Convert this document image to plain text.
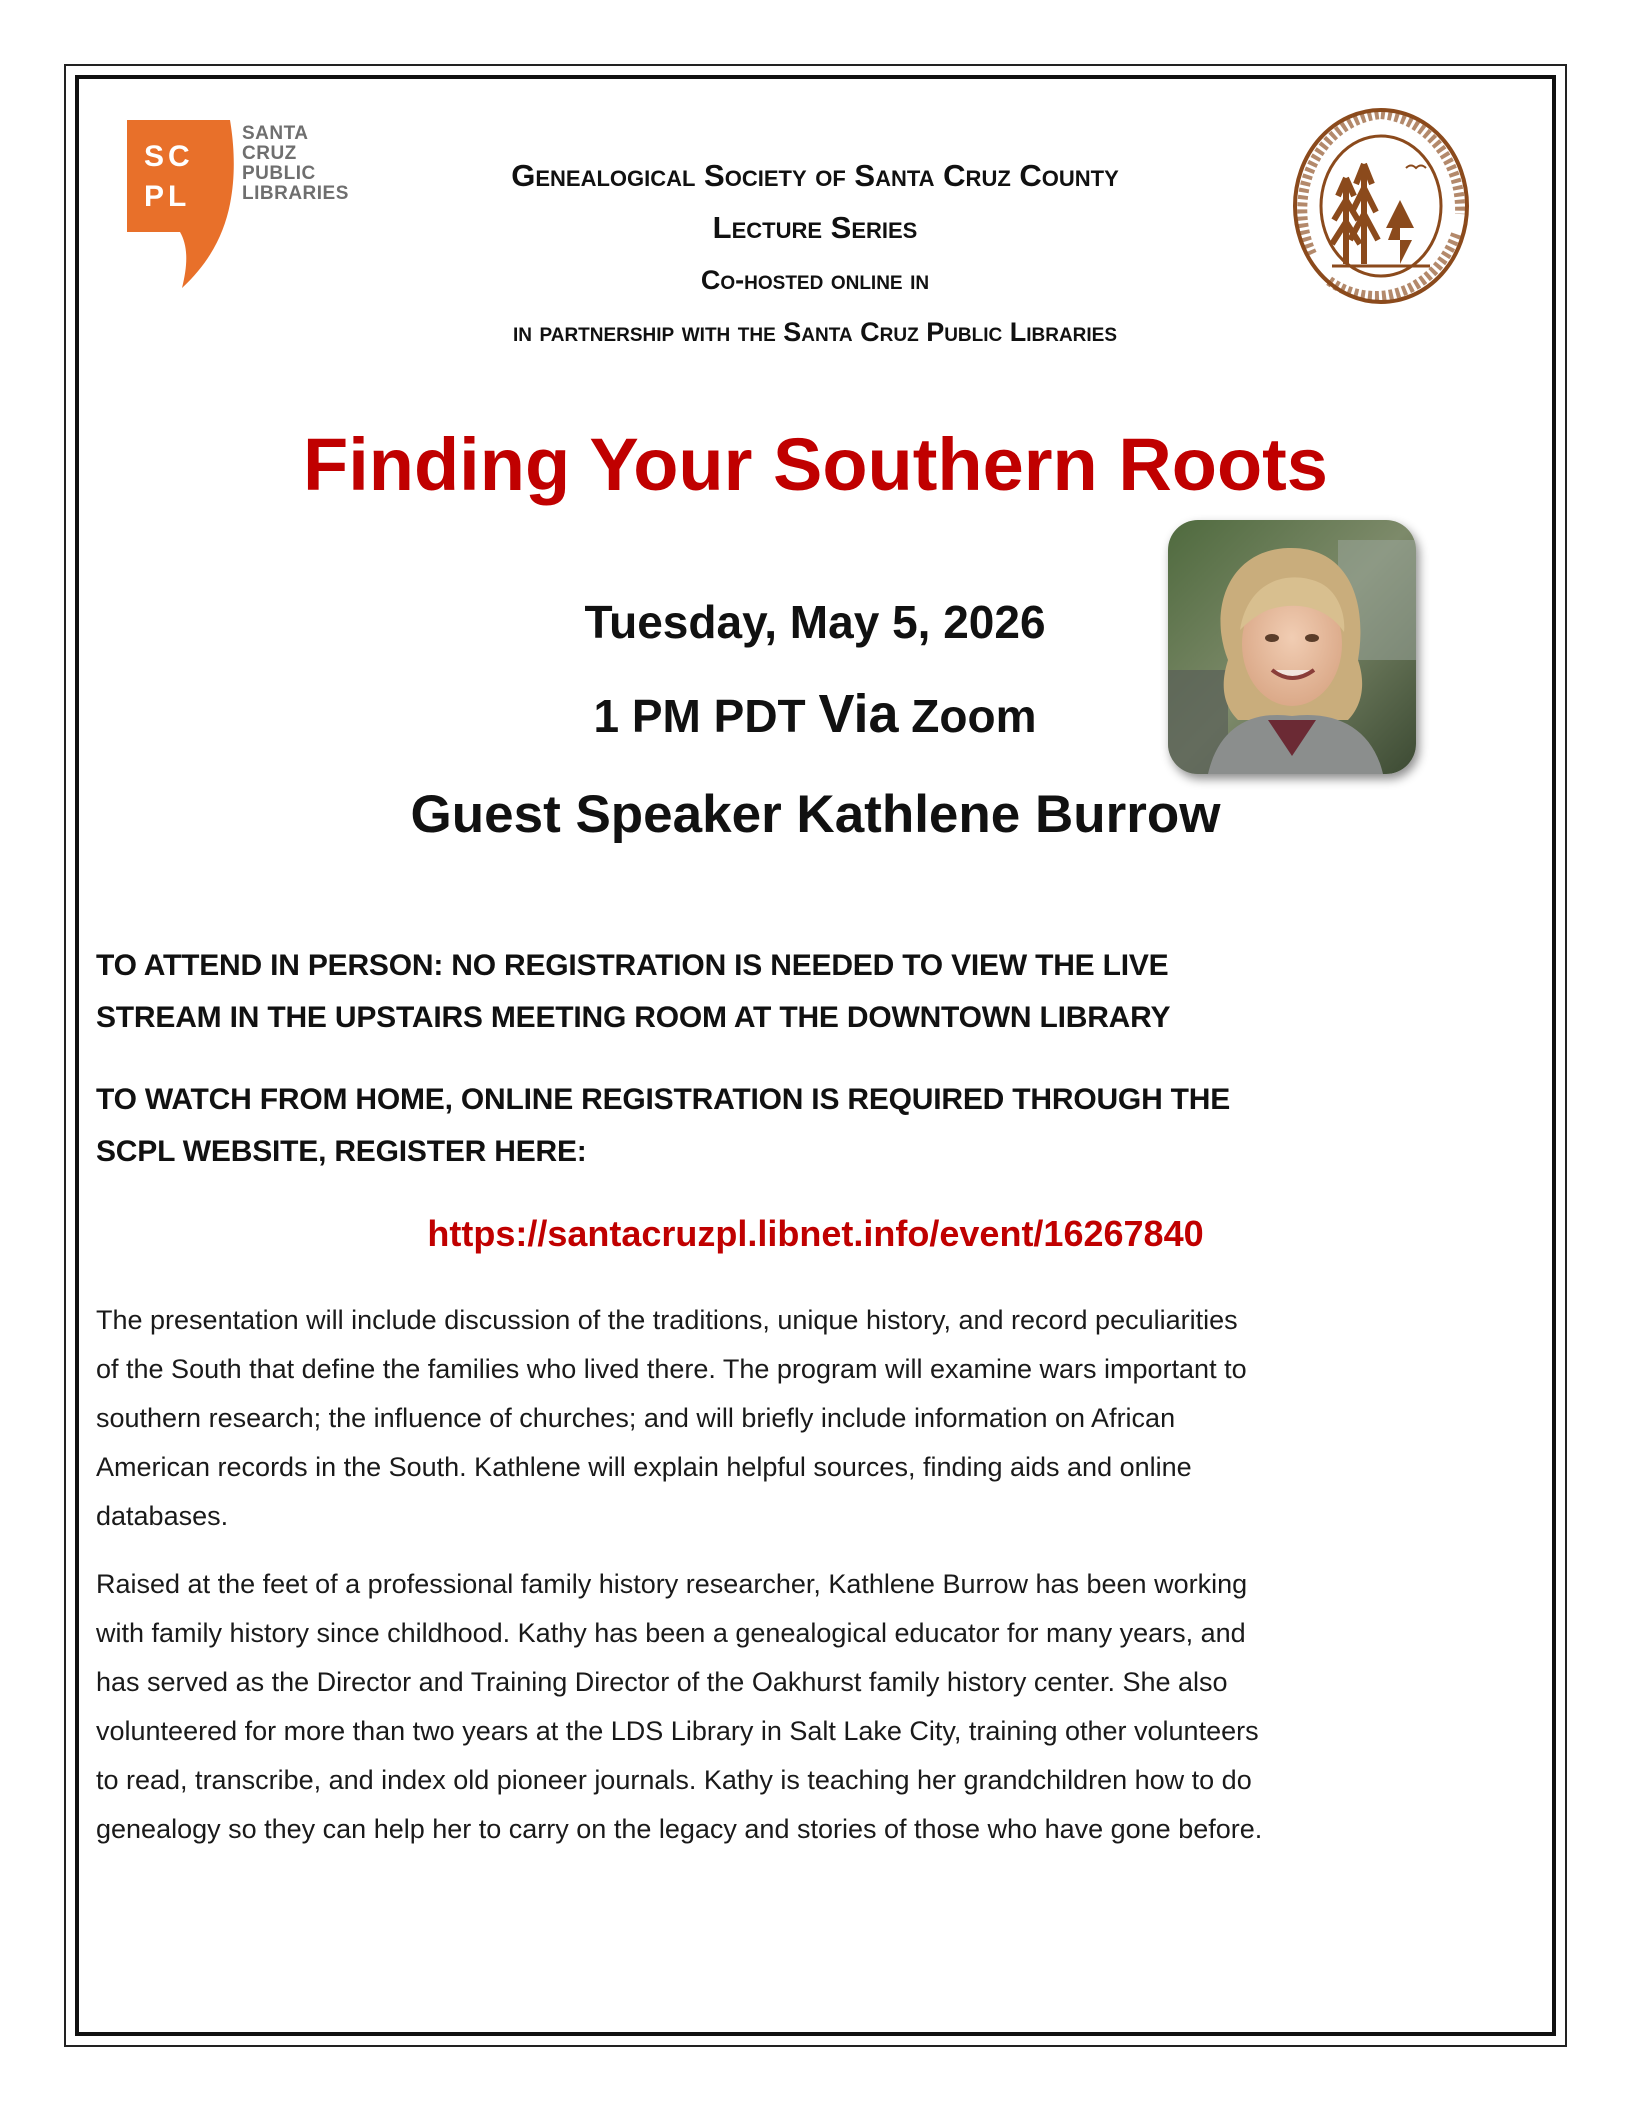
SC
PL
SANTA
CRUZ
PUBLIC
LIBRARIES
Genealogical Society of Santa Cruz County
Lecture Series
Co-hosted online in
in partnership with the Santa Cruz Public Libraries
Finding Your Southern Roots
Tuesday, May 5, 2026
1 PM PDT Via Zoom
Guest Speaker Kathlene Burrow
TO ATTEND IN PERSON: NO REGISTRATION IS NEEDED TO VIEW THE LIVE
STREAM IN THE UPSTAIRS MEETING ROOM AT THE DOWNTOWN LIBRARY
TO WATCH FROM HOME, ONLINE REGISTRATION IS REQUIRED THROUGH THE
SCPL WEBSITE, REGISTER HERE:
https://santacruzpl.libnet.info/event/16267840
The presentation will include discussion of the traditions, unique history, and record peculiarities
of the South that define the families who lived there. The program will examine wars important to
southern research; the influence of churches; and will briefly include information on African
American records in the South. Kathlene will explain helpful sources, finding aids and online
databases.
Raised at the feet of a professional family history researcher, Kathlene Burrow has been working
with family history since childhood. Kathy has been a genealogical educator for many years, and
has served as the Director and Training Director of the Oakhurst family history center. She also
volunteered for more than two years at the LDS Library in Salt Lake City, training other volunteers
to read, transcribe, and index old pioneer journals. Kathy is teaching her grandchildren how to do
genealogy so they can help her to carry on the legacy and stories of those who have gone before.
